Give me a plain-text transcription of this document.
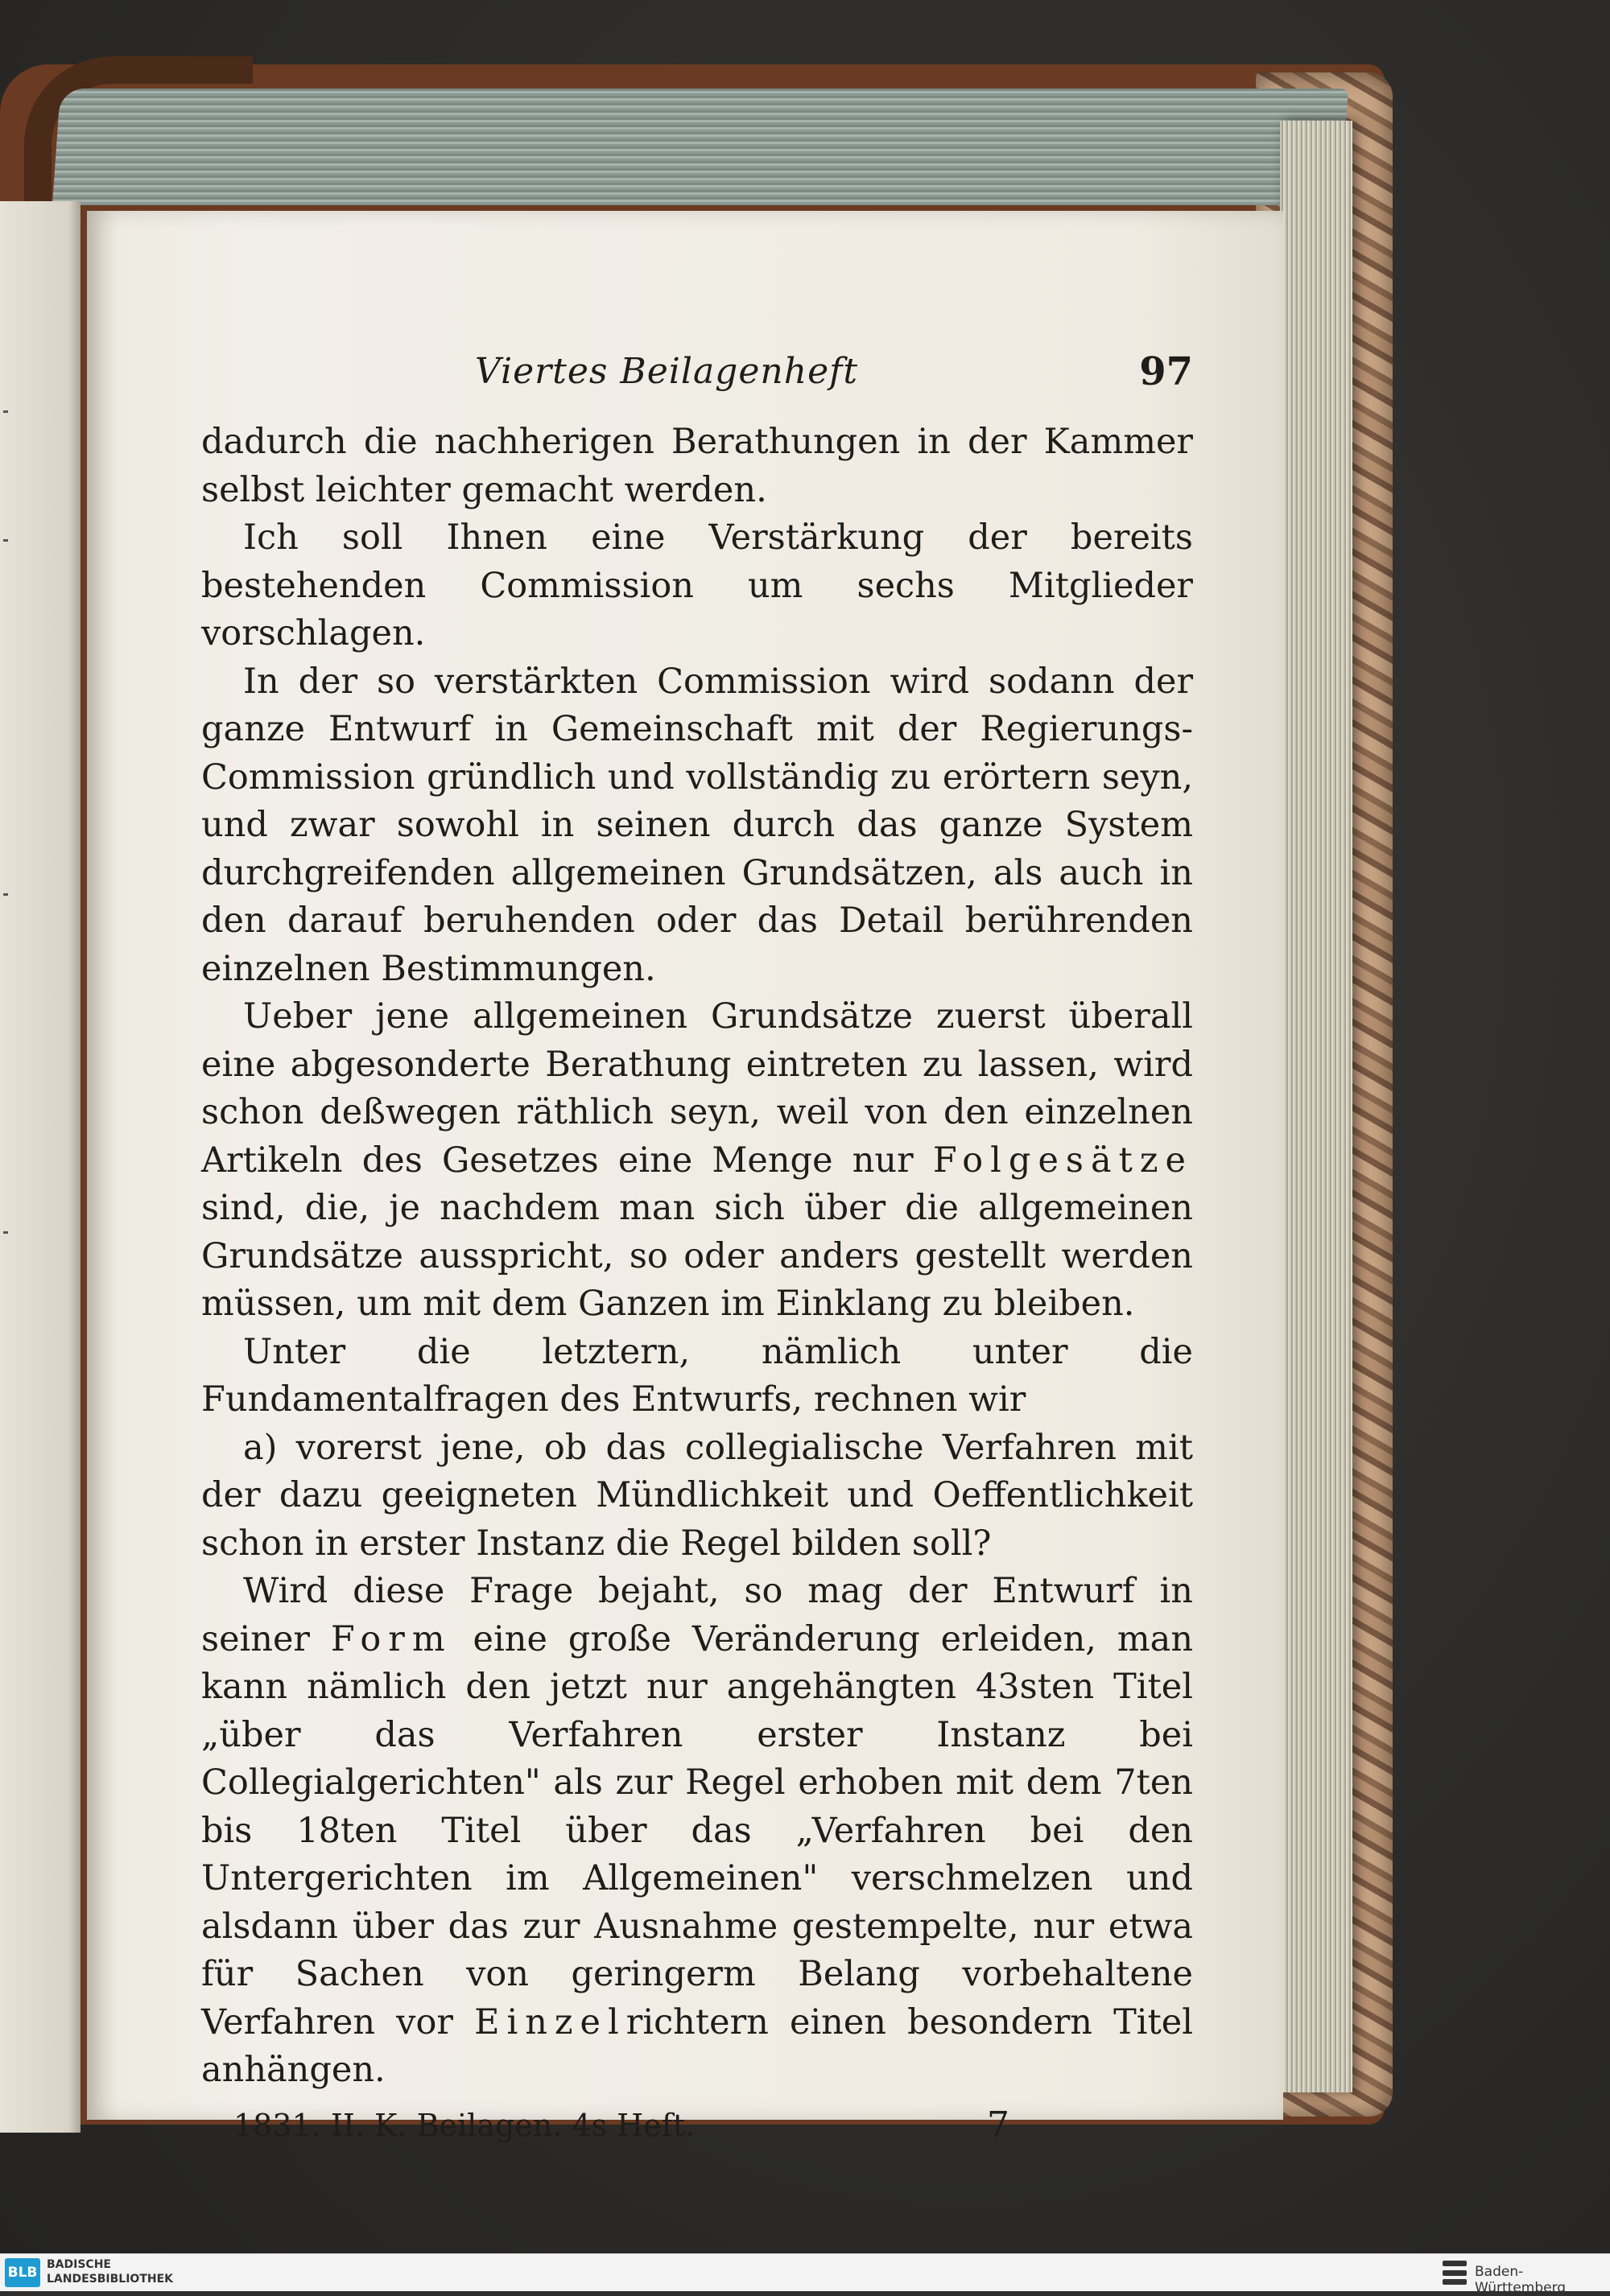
Viertes Beilagenheft	97

dadurch die nachherigen Berathungen in der Kammer selbst leichter gemacht werden.

Ich soll Ihnen eine Verstärkung der bereits bestehenden Commission um sechs Mitglieder vorschlagen.

In der so verstärkten Commission wird sodann der ganze Entwurf in Gemeinschaft mit der Regierungs-Commission gründlich und vollständig zu erörtern seyn, und zwar sowohl in seinen durch das ganze System durchgreifenden allgemeinen Grundsätzen, als auch in den darauf beruhenden oder das Detail berührenden einzelnen Bestimmungen.

Ueber jene allgemeinen Grundsätze zuerst überall eine abgesonderte Berathung eintreten zu lassen, wird schon deßwegen räthlich seyn, weil von den einzelnen Artikeln des Gesetzes eine Menge nur Folgesätze sind, die, je nachdem man sich über die allgemeinen Grundsätze ausspricht, so oder anders gestellt werden müssen, um mit dem Ganzen im Einklang zu bleiben.

Unter die letztern, nämlich unter die Fundamentalfragen des Entwurfs, rechnen wir

a) vorerst jene, ob das collegialische Verfahren mit der dazu geeigneten Mündlichkeit und Oeffentlichkeit schon in erster Instanz die Regel bilden soll?

Wird diese Frage bejaht, so mag der Entwurf in seiner Form eine große Veränderung erleiden, man kann nämlich den jetzt nur angehängten 43sten Titel „über das Verfahren erster Instanz bei Collegialgerichten" als zur Regel erhoben mit dem 7ten bis 18ten Titel über das „Verfahren bei den Untergerichten im Allgemeinen" verschmelzen und alsdann über das zur Ausnahme gestempelte, nur etwa für Sachen von geringerm Belang vorbehaltene Verfahren vor Einzelrichtern einen besondern Titel anhängen.

1831. II. K. Beilagen. 4s Heft.	7
BLB BADISCHE LANDESBIBLIOTHEK	Baden-Württemberg
